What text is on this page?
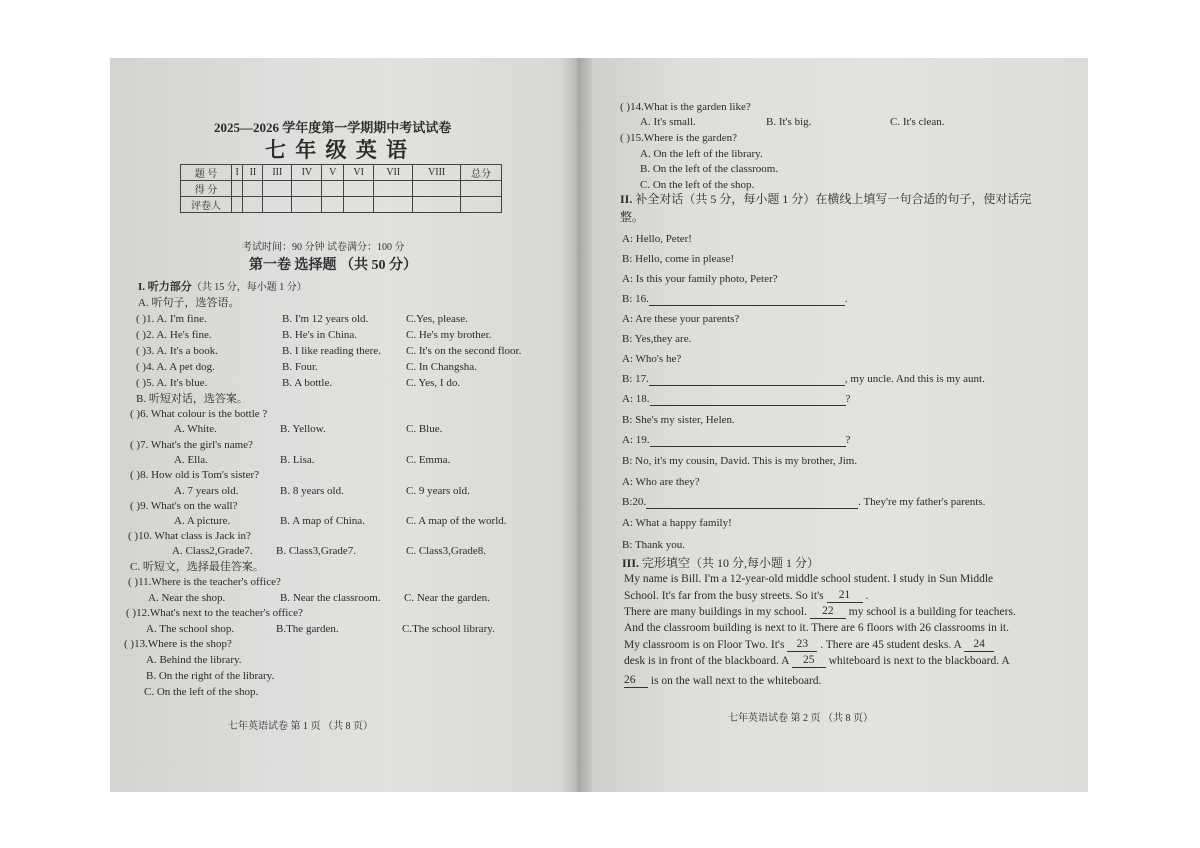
2025—2026 学年度第一学期期中考试试卷
七 年 级 英 语
题 号	I	II	III	IV	V	VI	VII	VIII	总分
得 分									
评卷人									
考试时间：90 分钟 试卷满分：100 分
第一卷 选择题 （共 50 分）
I. 听力部分（共 15 分，每小题 1 分）
A. 听句子，选答语。
( )1. A. I'm fine.	B. I'm 12 years old.	C.Yes, please.
( )2. A. He's fine.	B. He's in China.	C. He's my brother.
( )3. A. It's a book.	B. I like reading there. C. It's on the second floor.
( )4. A. A pet dog.	B. Four.	C. In Changsha.
( )5. A. It's blue.	B. A bottle.	C. Yes, I do.
B. 听短对话，选答案。
( )6. What colour is the bottle ?
A. White.	B. Yellow.	C. Blue.
( )7. What's the girl's name?
A. Ella.	B. Lisa.	C. Emma.
( )8. How old is Tom's sister?
A. 7 years old.	B. 8 years old.	C. 9 years old.
( )9. What's on the wall?
A. A picture.	B. A map of China.	C. A map of the world.
( )10. What class is Jack in?
A. Class2,Grade7. B. Class3,Grade7.	C. Class3,Grade8.
C. 听短文，选择最佳答案。
( )11.Where is the teacher's office?
A. Near the shop.	B. Near the classroom. C. Near the garden.
( )12.What's next to the teacher's office?
A. The school shop.	B.The garden.	C.The school library.
( )13.Where is the shop?
A. Behind the library.
B. On the right of the library.
C. On the left of the shop.
七年英语试卷 第 1 页 （共 8 页）
( )14.What is the garden like?
A. It's small.	B. It's big.	C. It's clean.
( )15.Where is the garden?
A. On the left of the library.
B. On the left of the classroom.
C. On the left of the shop.
II. 补全对话（共 5 分，每小题 1 分）在横线上填写一句合适的句子，使对话完
整。
A: Hello, Peter!
B: Hello, come in please!
A: Is this your family photo, Peter?
B: 16.	.
A: Are these your parents?
B: Yes,they are.
A: Who's he?
B: 17.	, my uncle. And this is my aunt.
A: 18.	?
B: She's my sister, Helen.
A: 19.	?
B: No, it's my cousin, David. This is my brother, Jim.
A: Who are they?
B:20.	. They're my father's parents.
A: What a happy family!
B: Thank you.
III. 完形填空（共 10 分,每小题 1 分）
My name is Bill. I'm a 12-year-old middle school student. I study in Sun Middle
School. It's far from the busy streets. So it's 21 .
There are many buildings in my school. 22 my school is a building for teachers.
And the classroom building is next to it. There are 6 floors with 26 classrooms in it.
My classroom is on Floor Two. It's 23 . There are 45 student desks. A 24
desk is in front of the blackboard. A 25 whiteboard is next to the blackboard. A
26 is on the wall next to the whiteboard.
七年英语试卷 第 2 页 （共 8 页）
